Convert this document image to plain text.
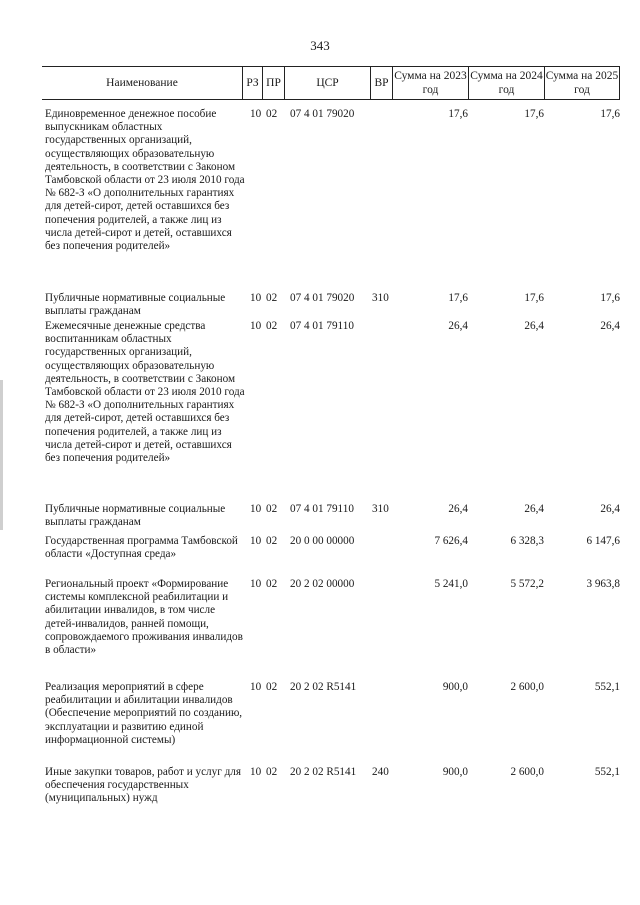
343
Наименование	РЗ ПР	ЦСР	ВР
Сумма на 2023 год
Сумма на 2024 год
Сумма на 2025 год
Единовременное денежное пособие выпускникам областных государственных организаций, осуществляющих образовательную деятельность, в соответствии с Законом Тамбовской области от 23 июля 2010 года № 682-З «О дополнительных гарантиях для детей-сирот, детей оставшихся без попечения родителей, а также лиц из числа детей-сирот и детей, оставшихся без попечения родителей»
10 02	07 4 01 79020	17,6	17,6	17,6
Публичные нормативные социальные выплаты гражданам
10 02	07 4 01 79020	310	17,6	17,6	17,6
Ежемесячные денежные средства воспитанникам областных государственных организаций, осуществляющих образовательную деятельность, в соответствии с Законом Тамбовской области от 23 июля 2010 года № 682-З «О дополнительных гарантиях для детей-сирот, детей оставшихся без попечения родителей, а также лиц из числа детей-сирот и детей, оставшихся без попечения родителей»
10 02	07 4 01 79110	26,4	26,4	26,4
Публичные нормативные социальные выплаты гражданам
10 02	07 4 01 79110	310	26,4	26,4	26,4
Государственная программа Тамбовской области «Доступная среда»
10 02	20 0 00 00000	7 626,4	6 328,3	6 147,6
Региональный проект «Формирование системы комплексной реабилитации и абилитации инвалидов, в том числе детей-инвалидов, ранней помощи, сопровождаемого проживания инвалидов в области»
10 02	20 2 02 00000	5 241,0	5 572,2	3 963,8
Реализация мероприятий в сфере реабилитации и абилитации инвалидов (Обеспечение мероприятий по созданию, эксплуатации и развитию единой информационной системы)
10 02	20 2 02 R5141	900,0	2 600,0	552,1
Иные закупки товаров, работ и услуг для обеспечения государственных (муниципальных) нужд
10 02	20 2 02 R5141	240	900,0	2 600,0	552,1
